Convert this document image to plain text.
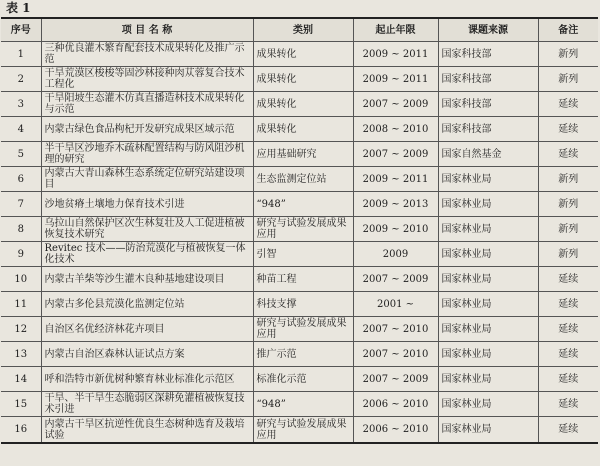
表 1
序号	项 目 名 称	类别	起止年限	课题来源	备注
1	三种优良灌木繁育配套技术成果转化及推广示范	成果转化	2009 ~ 2011	国家科技部	新列
2	干旱荒漠区梭梭等固沙林接种肉苁蓉复合技术工程化	成果转化	2009 ~ 2011	国家科技部	新列
3	干旱阳坡生态灌木仿真直播造林技术成果转化与示范	成果转化	2007 ~ 2009	国家科技部	延续
4	内蒙古绿色食品枸杞开发研究成果区域示范	成果转化	2008 ~ 2010	国家科技部	延续
5	半干旱区沙地乔木疏林配置结构与防风阻沙机理的研究	应用基础研究	2007 ~ 2009	国家自然基金	延续
6	内蒙古大青山森林生态系统定位研究站建设项目	生态监测定位站	2009 ~ 2011	国家林业局	新列
7	沙地贫瘠土壤地力保育技术引进	“948”	2009 ~ 2013	国家林业局	新列
8	乌拉山自然保护区次生林复壮及人工促进植被恢复技术研究	研究与试验发展成果应用	2009 ~ 2010	国家林业局	新列
9	Revitec 技术——防治荒漠化与植被恢复一体化技术	引智	2009	国家林业局	新列
10	内蒙古羊柴等沙生灌木良种基地建设项目	种苗工程	2007 ~ 2009	国家林业局	延续
11	内蒙古多伦县荒漠化监测定位站	科技支撑	2001 ~	国家林业局	延续
12	自治区名优经济林花卉项目	研究与试验发展成果应用	2007 ~ 2010	国家林业局	延续
13	内蒙古自治区森林认证试点方案	推广示范	2007 ~ 2010	国家林业局	延续
14	呼和浩特市新优树种繁育林业标准化示范区	标准化示范	2007 ~ 2009	国家林业局	延续
15	干旱、半干旱生态脆弱区深耕免灌植被恢复技术引进	“948”	2006 ~ 2010	国家林业局	延续
16	内蒙古干旱区抗逆性优良生态树种选育及栽培试验	研究与试验发展成果应用	2006 ~ 2010	国家林业局	延续
